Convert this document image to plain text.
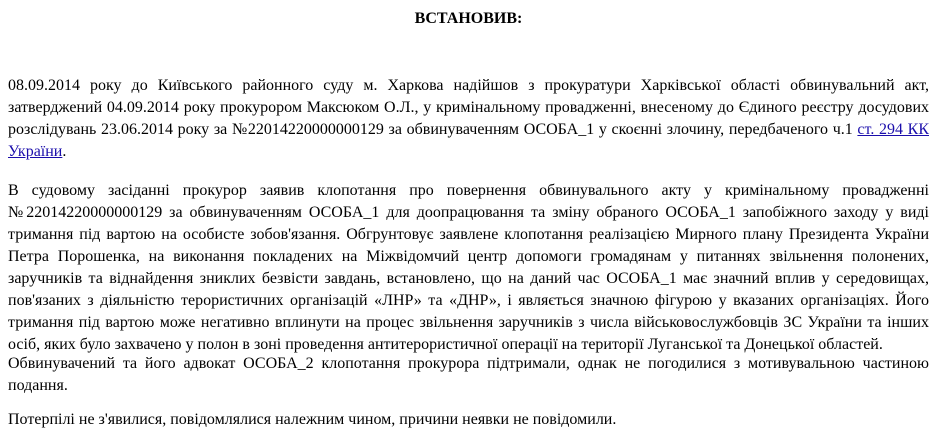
ВСТАНОВИВ:

08.09.2014 року до Київського районного суду м. Харкова надійшов з прокуратури Харківської області обвинувальний акт, затверджений 04.09.2014 року прокурором Максюком О.Л., у кримінальному провадженні, внесеному до Єдиного реєстру досудових розслідувань 23.06.2014 року за №22014220000000129 за обвинуваченням ОСОБА_1 у скоєнні злочину, передбаченого ч.1 ст. 294 КК України.

В судовому засіданні прокурор заявив клопотання про повернення обвинувального акту у кримінальному провадженні №22014220000000129 за обвинуваченням ОСОБА_1 для доопрацювання та зміну обраного ОСОБА_1 запобіжного заходу у виді тримання під вартою на особисте зобов'язання. Обгрунтовує заявлене клопотання реалізацією Мирного плану Президента України Петра Порошенка, на виконання покладених на Міжвідомчий центр допомоги громадянам у питаннях звільнення полонених, заручників та віднайдення зниклих безвісти завдань, встановлено, що на даний час ОСОБА_1 має значний вплив у середовищах, пов'язаних з діяльністю терористичних організацій «ЛНР» та «ДНР», і являється значною фігурою у вказаних організаціях. Його тримання під вартою може негативно вплинути на процес звільнення заручників з числа військовослужбовців ЗС України та інших осіб, яких було захвачено у полон в зоні проведення антитерористичної операції на території Луганської та Донецької областей.

Обвинувачений та його адвокат ОСОБА_2 клопотання прокурора підтримали, однак не погодилися з мотивувальною частиною подання.

Потерпілі не з'явилися, повідомлялися належним чином, причини неявки не повідомили.
